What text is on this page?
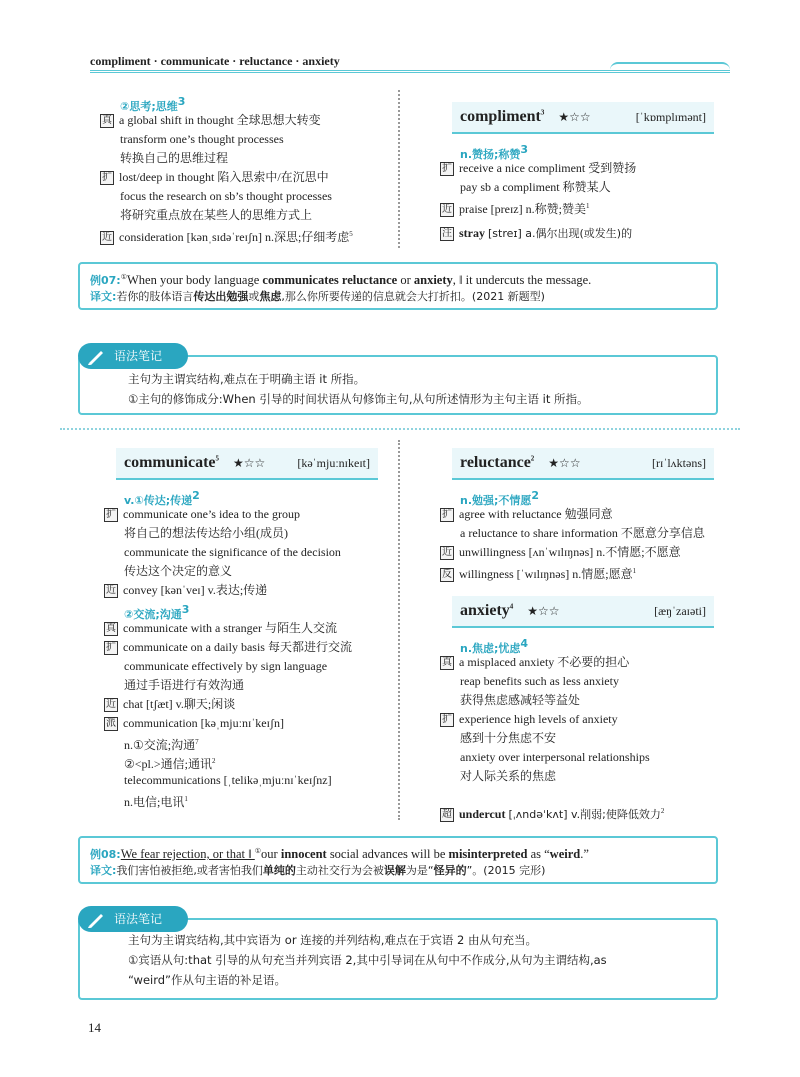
compliment · communicate · reluctance · anxiety
②思考;思维$^3$
真 a global shift in thought 全球思想大转变
transform one’s thought processes
转换自己的思维过程
扩 lost/deep in thought 陷入思索中/在沉思中
focus the research on sb’s thought processes
将研究重点放在某些人的思维方式上
近 consideration [kənˌsɪdəˈreɪʃn] n.深思;仔细考虑$^5$
compliment$^3$ ★☆☆	[ˈkɒmplɪmənt]
n.赞扬;称赞$^3$
扩 receive a nice compliment 受到赞扬
pay sb a compliment 称赞某人
近 praise [preɪz] n.称赞;赞美$^1$
注 stray [streɪ] a.偶尔出现(或发生)的
例07:①When your body language communicates reluctance or anxiety, ‖ it undercuts the message.
译文:若你的肢体语言传达出勉强或焦虑,那么你所要传递的信息就会大打折扣。(2021 新题型)
语法笔记
主句为主谓宾结构,难点在于明确主语 it 所指。
①主句的修饰成分:When 引导的时间状语从句修饰主句,从句所述情形为主句主语 it 所指。
communicate$^5$ ★☆☆	[kəˈmjuːnɪkeɪt]
v.①传达;传递$^2$
扩 communicate one’s idea to the group
将自己的想法传达给小组(成员)
communicate the significance of the decision
传达这个决定的意义
近 convey [kənˈveɪ] v.表达;传递
②交流;沟通$^3$
真 communicate with a stranger 与陌生人交流
扩 communicate on a daily basis 每天都进行交流
communicate effectively by sign language
通过手语进行有效沟通
近 chat [tʃæt] v.聊天;闲谈
派 communication [kəˌmjuːnɪˈkeɪʃn]
n.①交流;沟通$^7$
②<pl.>通信;通讯$^2$
telecommunications [ˌtelikəˌmjuːnɪˈkeɪʃnz]
n.电信;电讯$^1$
reluctance$^2$ ★☆☆	[rɪˈlʌktəns]
n.勉强;不情愿$^2$
扩 agree with reluctance 勉强同意
a reluctance to share information 不愿意分享信息
近 unwillingness [ʌnˈwɪlɪŋnəs] n.不情愿;不愿意
反 willingness [ˈwɪlɪŋnəs] n.情愿;愿意$^1$
anxiety$^4$ ★☆☆	[æŋˈzaɪəti]
n.焦虑;忧虑$^4$
真 a misplaced anxiety 不必要的担心
reap benefits such as less anxiety
获得焦虑感减轻等益处
扩 experience high levels of anxiety
感到十分焦虑不安
anxiety over interpersonal relationships
对人际关系的焦虑
超 undercut [ˌʌndəˈkʌt] v.削弱;使降低效力$^2$
例08:We fear rejection, or that ‖ ①our innocent social advances will be misinterpreted as “weird.”
译文:我们害怕被拒绝,或者害怕我们单纯的主动社交行为会被误解为是“怪异的”。(2015 完形)
语法笔记
主句为主谓宾结构,其中宾语为 or 连接的并列结构,难点在于宾语 2 由从句充当。
①宾语从句:that 引导的从句充当并列宾语 2,其中引导词在从句中不作成分,从句为主谓结构,as
“weird”作从句主语的补足语。
14
